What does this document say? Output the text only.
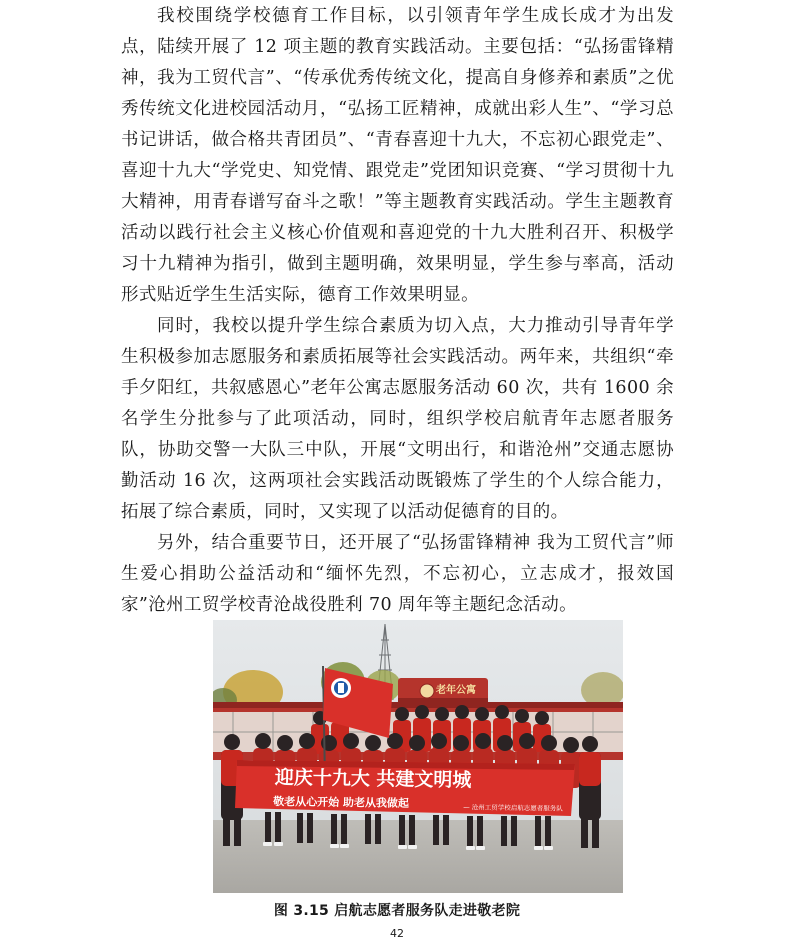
我校围绕学校德育工作目标，以引领青年学生成长成才为出发点，陆续开展了 12 项主题的教育实践活动。主要包括：“弘扬雷锋精神，我为工贸代言”、“传承优秀传统文化，提高自身修养和素质”之优秀传统文化进校园活动月，“弘扬工匠精神，成就出彩人生”、“学习总书记讲话，做合格共青团员”、“青春喜迎十九大，不忘初心跟党走”、喜迎十九大“学党史、知党情、跟党走”党团知识竞赛、“学习贯彻十九大精神，用青春谱写奋斗之歌！”等主题教育实践活动。学生主题教育活动以践行社会主义核心价值观和喜迎党的十九大胜利召开、积极学习十九精神为指引，做到主题明确，效果明显，学生参与率高，活动形式贴近学生生活实际，德育工作效果明显。

同时，我校以提升学生综合素质为切入点，大力推动引导青年学生积极参加志愿服务和素质拓展等社会实践活动。两年来，共组织“牵手夕阳红，共叙感恩心”老年公寓志愿服务活动 60 次，共有 1600 余名学生分批参与了此项活动，同时，组织学校启航青年志愿者服务队，协助交警一大队三中队，开展“文明出行，和谐沧州”交通志愿协勤活动 16 次，这两项社会实践活动既锻炼了学生的个人综合能力，拓展了综合素质，同时，又实现了以活动促德育的目的。

另外，结合重要节日，还开展了“弘扬雷锋精神 我为工贸代言”师生爱心捐助公益活动和“缅怀先烈，不忘初心，立志成才，报效国家”沧州工贸学校青沧战役胜利 70 周年等主题纪念活动。

老年公寓
迎庆十九大 共建文明城
敬老从心开始 助老从我做起	— 沧州工贸学校启航志愿者服务队
图 3.15 启航志愿者服务队走进敬老院
42
